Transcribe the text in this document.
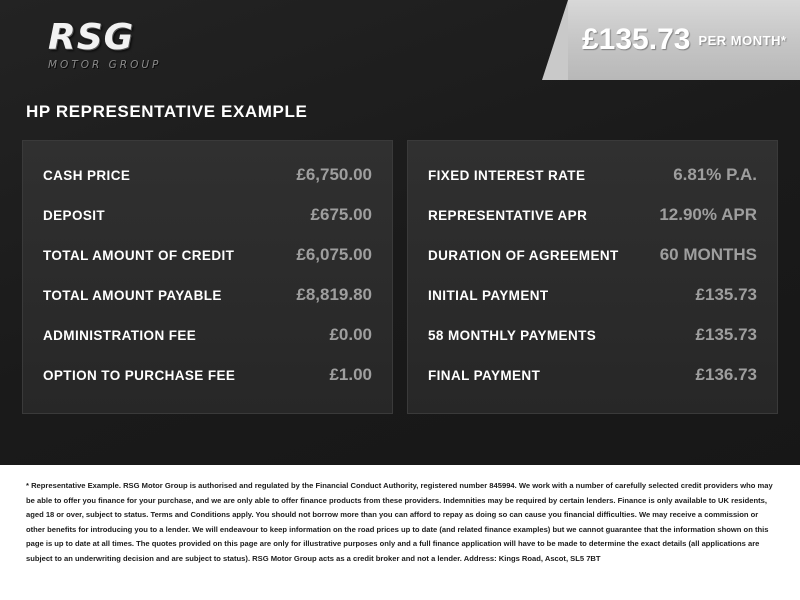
RSG
MOTOR GROUP
£135.73 PER MONTH*
HP REPRESENTATIVE EXAMPLE
CASH PRICE	£6,750.00
DEPOSIT	£675.00
TOTAL AMOUNT OF CREDIT	£6,075.00
TOTAL AMOUNT PAYABLE	£8,819.80
ADMINISTRATION FEE	£0.00
OPTION TO PURCHASE FEE	£1.00
FIXED INTEREST RATE	6.81% P.A.
REPRESENTATIVE APR	12.90% APR
DURATION OF AGREEMENT 60 MONTHS
INITIAL PAYMENT	£135.73
58 MONTHLY PAYMENTS	£135.73
FINAL PAYMENT	£136.73

* Representative Example. RSG Motor Group is authorised and regulated by the Financial Conduct Authority, registered number 845994. We work with a number of carefully selected credit providers who may be able to offer you finance for your purchase, and we are only able to offer finance products from these providers. Indemnities may be required by certain lenders. Finance is only available to UK residents, aged 18 or over, subject to status. Terms and Conditions apply. You should not borrow more than you can afford to repay as doing so can cause you financial difficulties. We may receive a commission or other benefits for introducing you to a lender. We will endeavour to keep information on the road prices up to date (and related finance examples) but we cannot guarantee that the information shown on this page is up to date at all times. The quotes provided on this page are only for illustrative purposes only and a full finance application will have to be made to determine the exact details (all applications are subject to an underwriting decision and are subject to status). RSG Motor Group acts as a credit broker and not a lender. Address: Kings Road, Ascot, SL5 7BT
